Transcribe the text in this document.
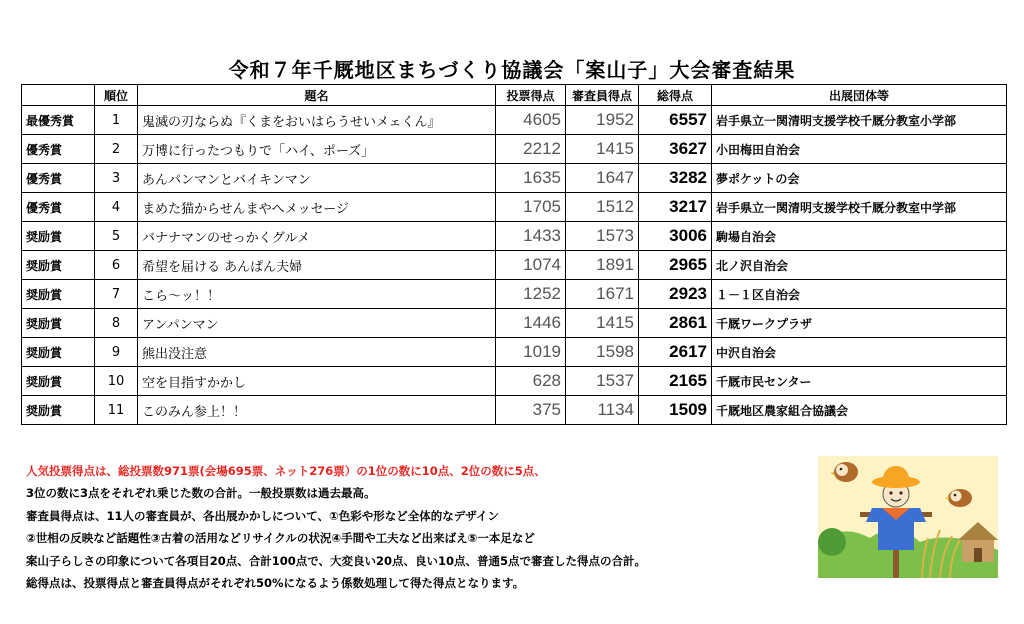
令和７年千厩地区まちづくり協議会「案山子」大会審査結果
	順位	題名	投票得点	審査員得点	総得点	出展団体等
最優秀賞	1	鬼滅の刃ならぬ『くまをおいはらうせいメェくん』	4605	1952	6557	岩手県立一関清明支援学校千厩分教室小学部
優秀賞	2	万博に行ったつもりで「ハイ、ポーズ」	2212	1415	3627	小田梅田自治会
優秀賞	3	あんパンマンとバイキンマン	1635	1647	3282	夢ポケットの会
優秀賞	4	まめた猫からせんまやへメッセージ	1705	1512	3217	岩手県立一関清明支援学校千厩分教室中学部
奨励賞	5	バナナマンのせっかくグルメ	1433	1573	3006	駒場自治会
奨励賞	6	希望を届ける あんぱん夫婦	1074	1891	2965	北ノ沢自治会
奨励賞	7	こら～ッ！！	1252	1671	2923	１－１区自治会
奨励賞	8	アンパンマン	1446	1415	2861	千厩ワークプラザ
奨励賞	9	熊出没注意	1019	1598	2617	中沢自治会
奨励賞	10	空を目指すかかし	628	1537	2165	千厩市民センター
奨励賞	11	このみん参上！！	375	1134	1509	千厩地区農家組合協議会
人気投票得点は、総投票数971票(会場695票、ネット276票）の1位の数に10点、2位の数に5点、
3位の数に3点をそれぞれ乗じた数の合計。一般投票数は過去最高。
審査員得点は、11人の審査員が、各出展かかしについて、①色彩や形など全体的なデザイン
②世相の反映など話題性③古着の活用などリサイクルの状況④手間や工夫など出来ばえ⑤一本足など
案山子らしさの印象について各項目20点、合計100点で、大変良い20点、良い10点、普通5点で審査した得点の合計。
総得点は、投票得点と審査員得点がそれぞれ50%になるよう係数処理して得た得点となります。
